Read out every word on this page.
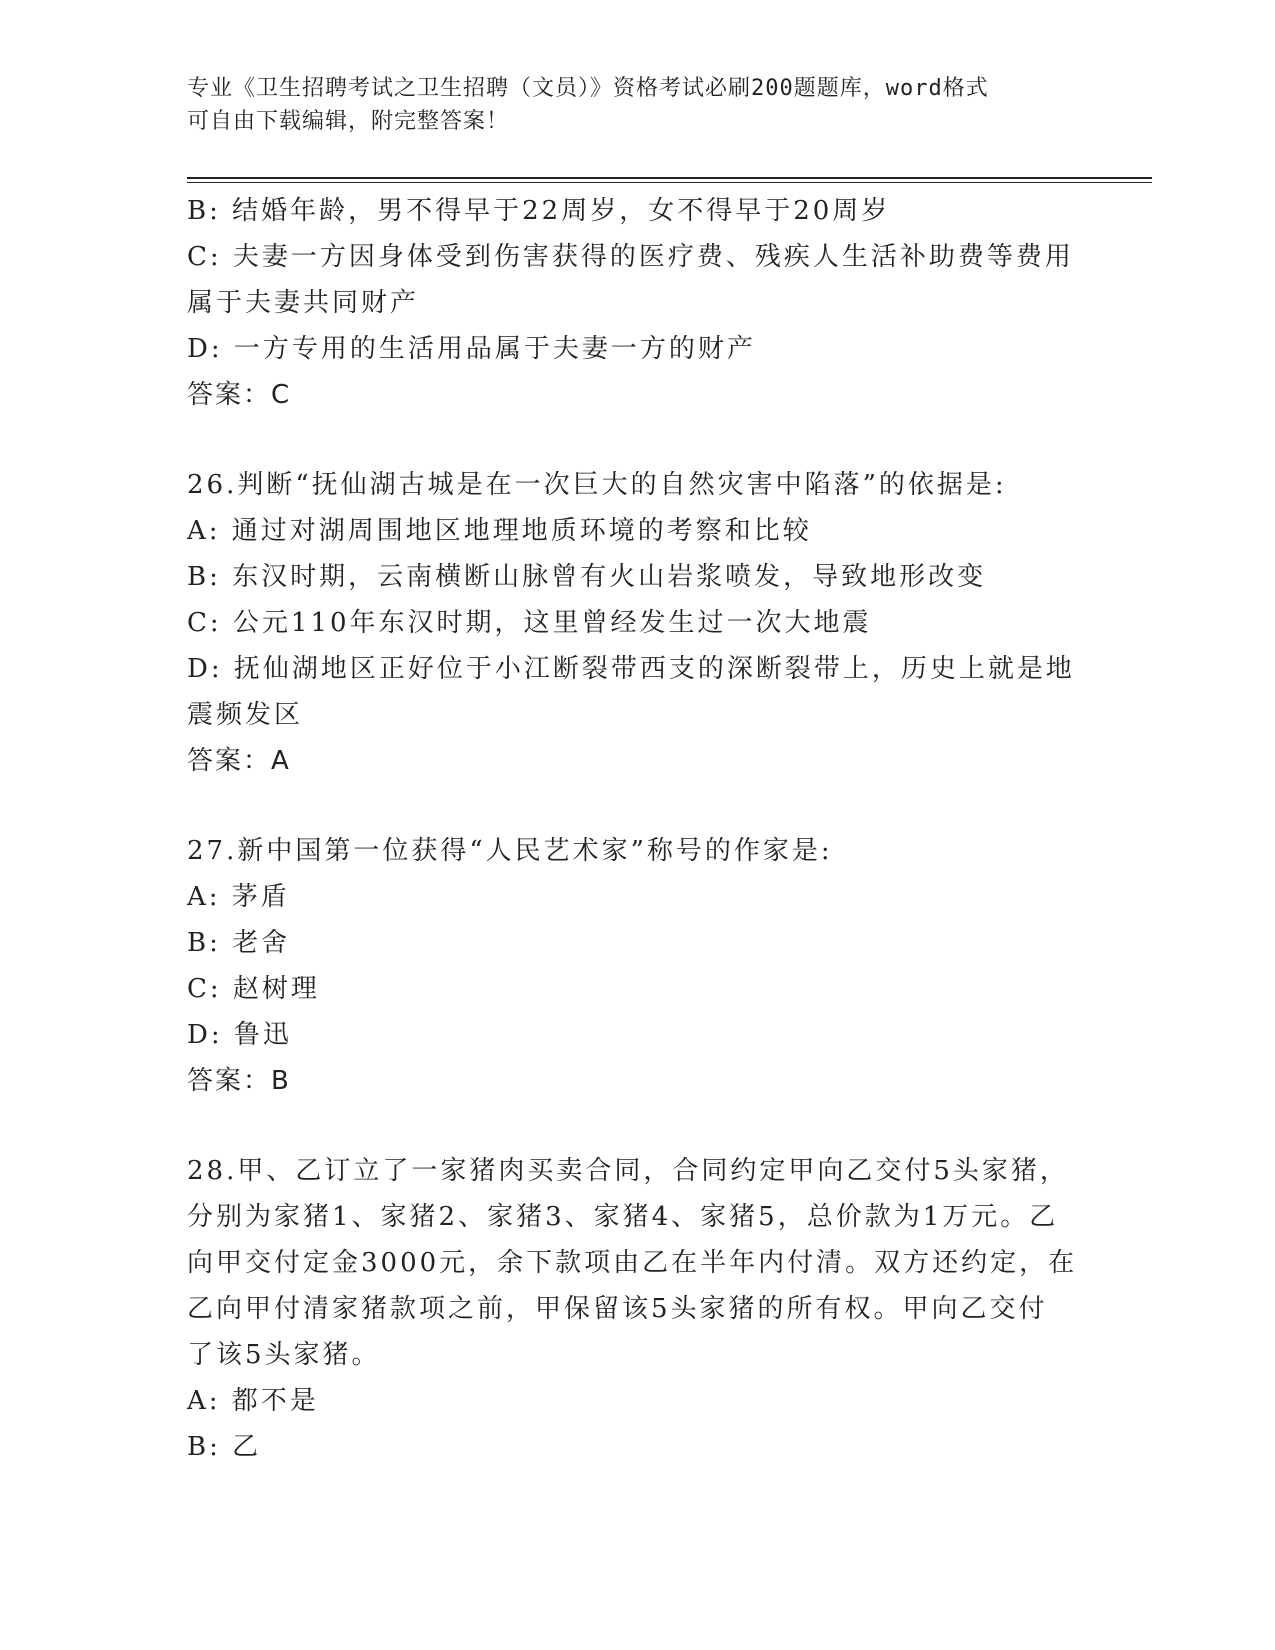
专业《卫生招聘考试之卫生招聘（文员）》资格考试必刷200题题库，word格式
可自由下载编辑，附完整答案！
B: 结婚年龄，男不得早于22周岁，女不得早于20周岁
C: 夫妻一方因身体受到伤害获得的医疗费、残疾人生活补助费等费用
属于夫妻共同财产
D: 一方专用的生活用品属于夫妻一方的财产
答案：C
26.判断“抚仙湖古城是在一次巨大的自然灾害中陷落”的依据是:
A: 通过对湖周围地区地理地质环境的考察和比较
B: 东汉时期，云南横断山脉曾有火山岩浆喷发，导致地形改变
C: 公元110年东汉时期，这里曾经发生过一次大地震
D: 抚仙湖地区正好位于小江断裂带西支的深断裂带上，历史上就是地
震频发区
答案：A
27.新中国第一位获得“人民艺术家”称号的作家是:
A: 茅盾
B: 老舍
C: 赵树理
D: 鲁迅
答案：B
28.甲、乙订立了一家猪肉买卖合同，合同约定甲向乙交付5头家猪，
分别为家猪1、家猪2、家猪3、家猪4、家猪5，总价款为1万元。乙
向甲交付定金3000元，余下款项由乙在半年内付清。双方还约定，在
乙向甲付清家猪款项之前，甲保留该5头家猪的所有权。甲向乙交付
了该5头家猪。
A: 都不是
B: 乙
